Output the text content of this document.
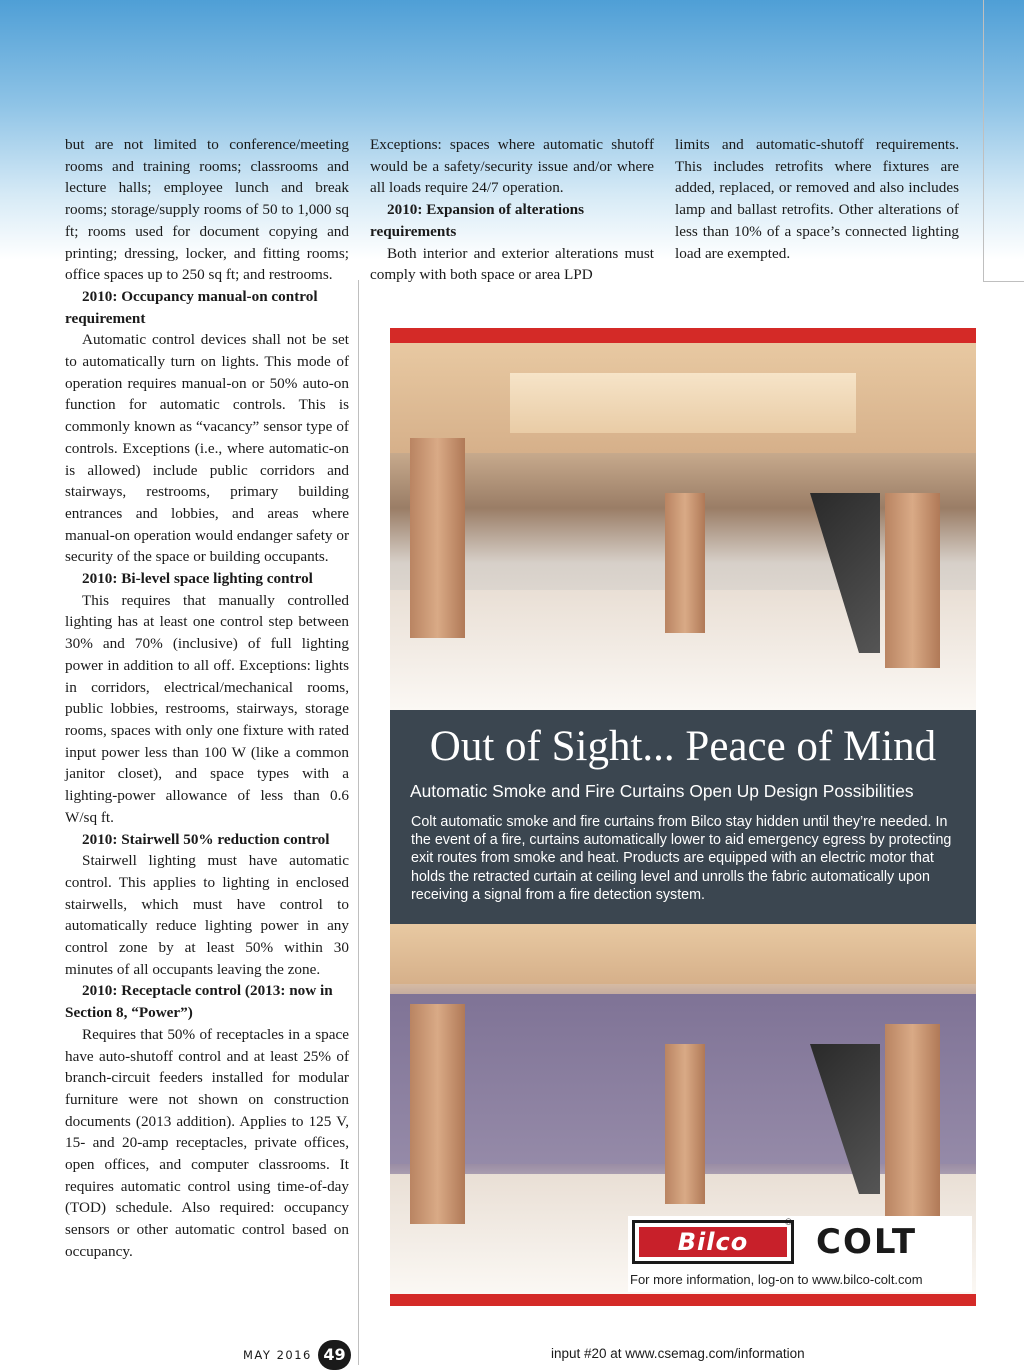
but are not limited to conference/meeting rooms and training rooms; classrooms and lecture halls; employee lunch and break rooms; storage/supply rooms of 50 to 1,000 sq ft; rooms used for document copying and printing; dressing, locker, and fitting rooms; office spaces up to 250 sq ft; and restrooms.

2010: Occupancy manual-on control requirement

Automatic control devices shall not be set to automatically turn on lights. This mode of operation requires manual-on or 50% auto-on function for automatic controls. This is commonly known as “vacancy” sensor type of controls. Exceptions (i.e., where automatic-on is allowed) include public corridors and stairways, restrooms, primary building entrances and lobbies, and areas where manual-on operation would endanger safety or security of the space or building occupants.

2010: Bi-level space lighting control

This requires that manually controlled lighting has at least one control step between 30% and 70% (inclusive) of full lighting power in addition to all off. Exceptions: lights in corridors, electrical/mechanical rooms, public lobbies, restrooms, stairways, storage rooms, spaces with only one fixture with rated input power less than 100 W (like a common janitor closet), and space types with a lighting-power allowance of less than 0.6 W/sq ft.

2010: Stairwell 50% reduction control

Stairwell lighting must have automatic control. This applies to lighting in enclosed stairwells, which must have control to automatically reduce lighting power in any control zone by at least 50% within 30 minutes of all occupants leaving the zone.

2010: Receptacle control (2013: now in Section 8, “Power”)

Requires that 50% of receptacles in a space have auto-shutoff control and at least 25% of branch-circuit feeders installed for modular furniture were not shown on construction documents (2013 addition). Applies to 125 V, 15- and 20-amp receptacles, private offices, open offices, and computer classrooms. It requires automatic control using time-of-day (TOD) schedule. Also required: occupancy sensors or other automatic control based on occupancy.

Exceptions: spaces where automatic shutoff would be a safety/security issue and/or where all loads require 24/7 operation.

2010: Expansion of alterations requirements

Both interior and exterior alterations must comply with both space or area LPD

limits and automatic-shutoff requirements. This includes retrofits where fixtures are added, replaced, or removed and also includes lamp and ballast retrofits. Other alterations of less than 10% of a space’s connected lighting load are exempted.

Out of Sight... Peace of Mind
Automatic Smoke and Fire Curtains Open Up Design Possibilities
Colt automatic smoke and fire curtains from Bilco stay hidden until they’re needed. In the event of a fire, curtains automatically lower to aid emergency egress by protecting exit routes from smoke and heat. Products are equipped with an electric motor that holds the retracted curtain at ceiling level and unrolls the fabric automatically upon receiving a signal from a fire detection system.
Bilco
® COLT
For more information, log-on to www.bilco-colt.com
MAY 2016 49	input #20 at www.csemag.com/information
